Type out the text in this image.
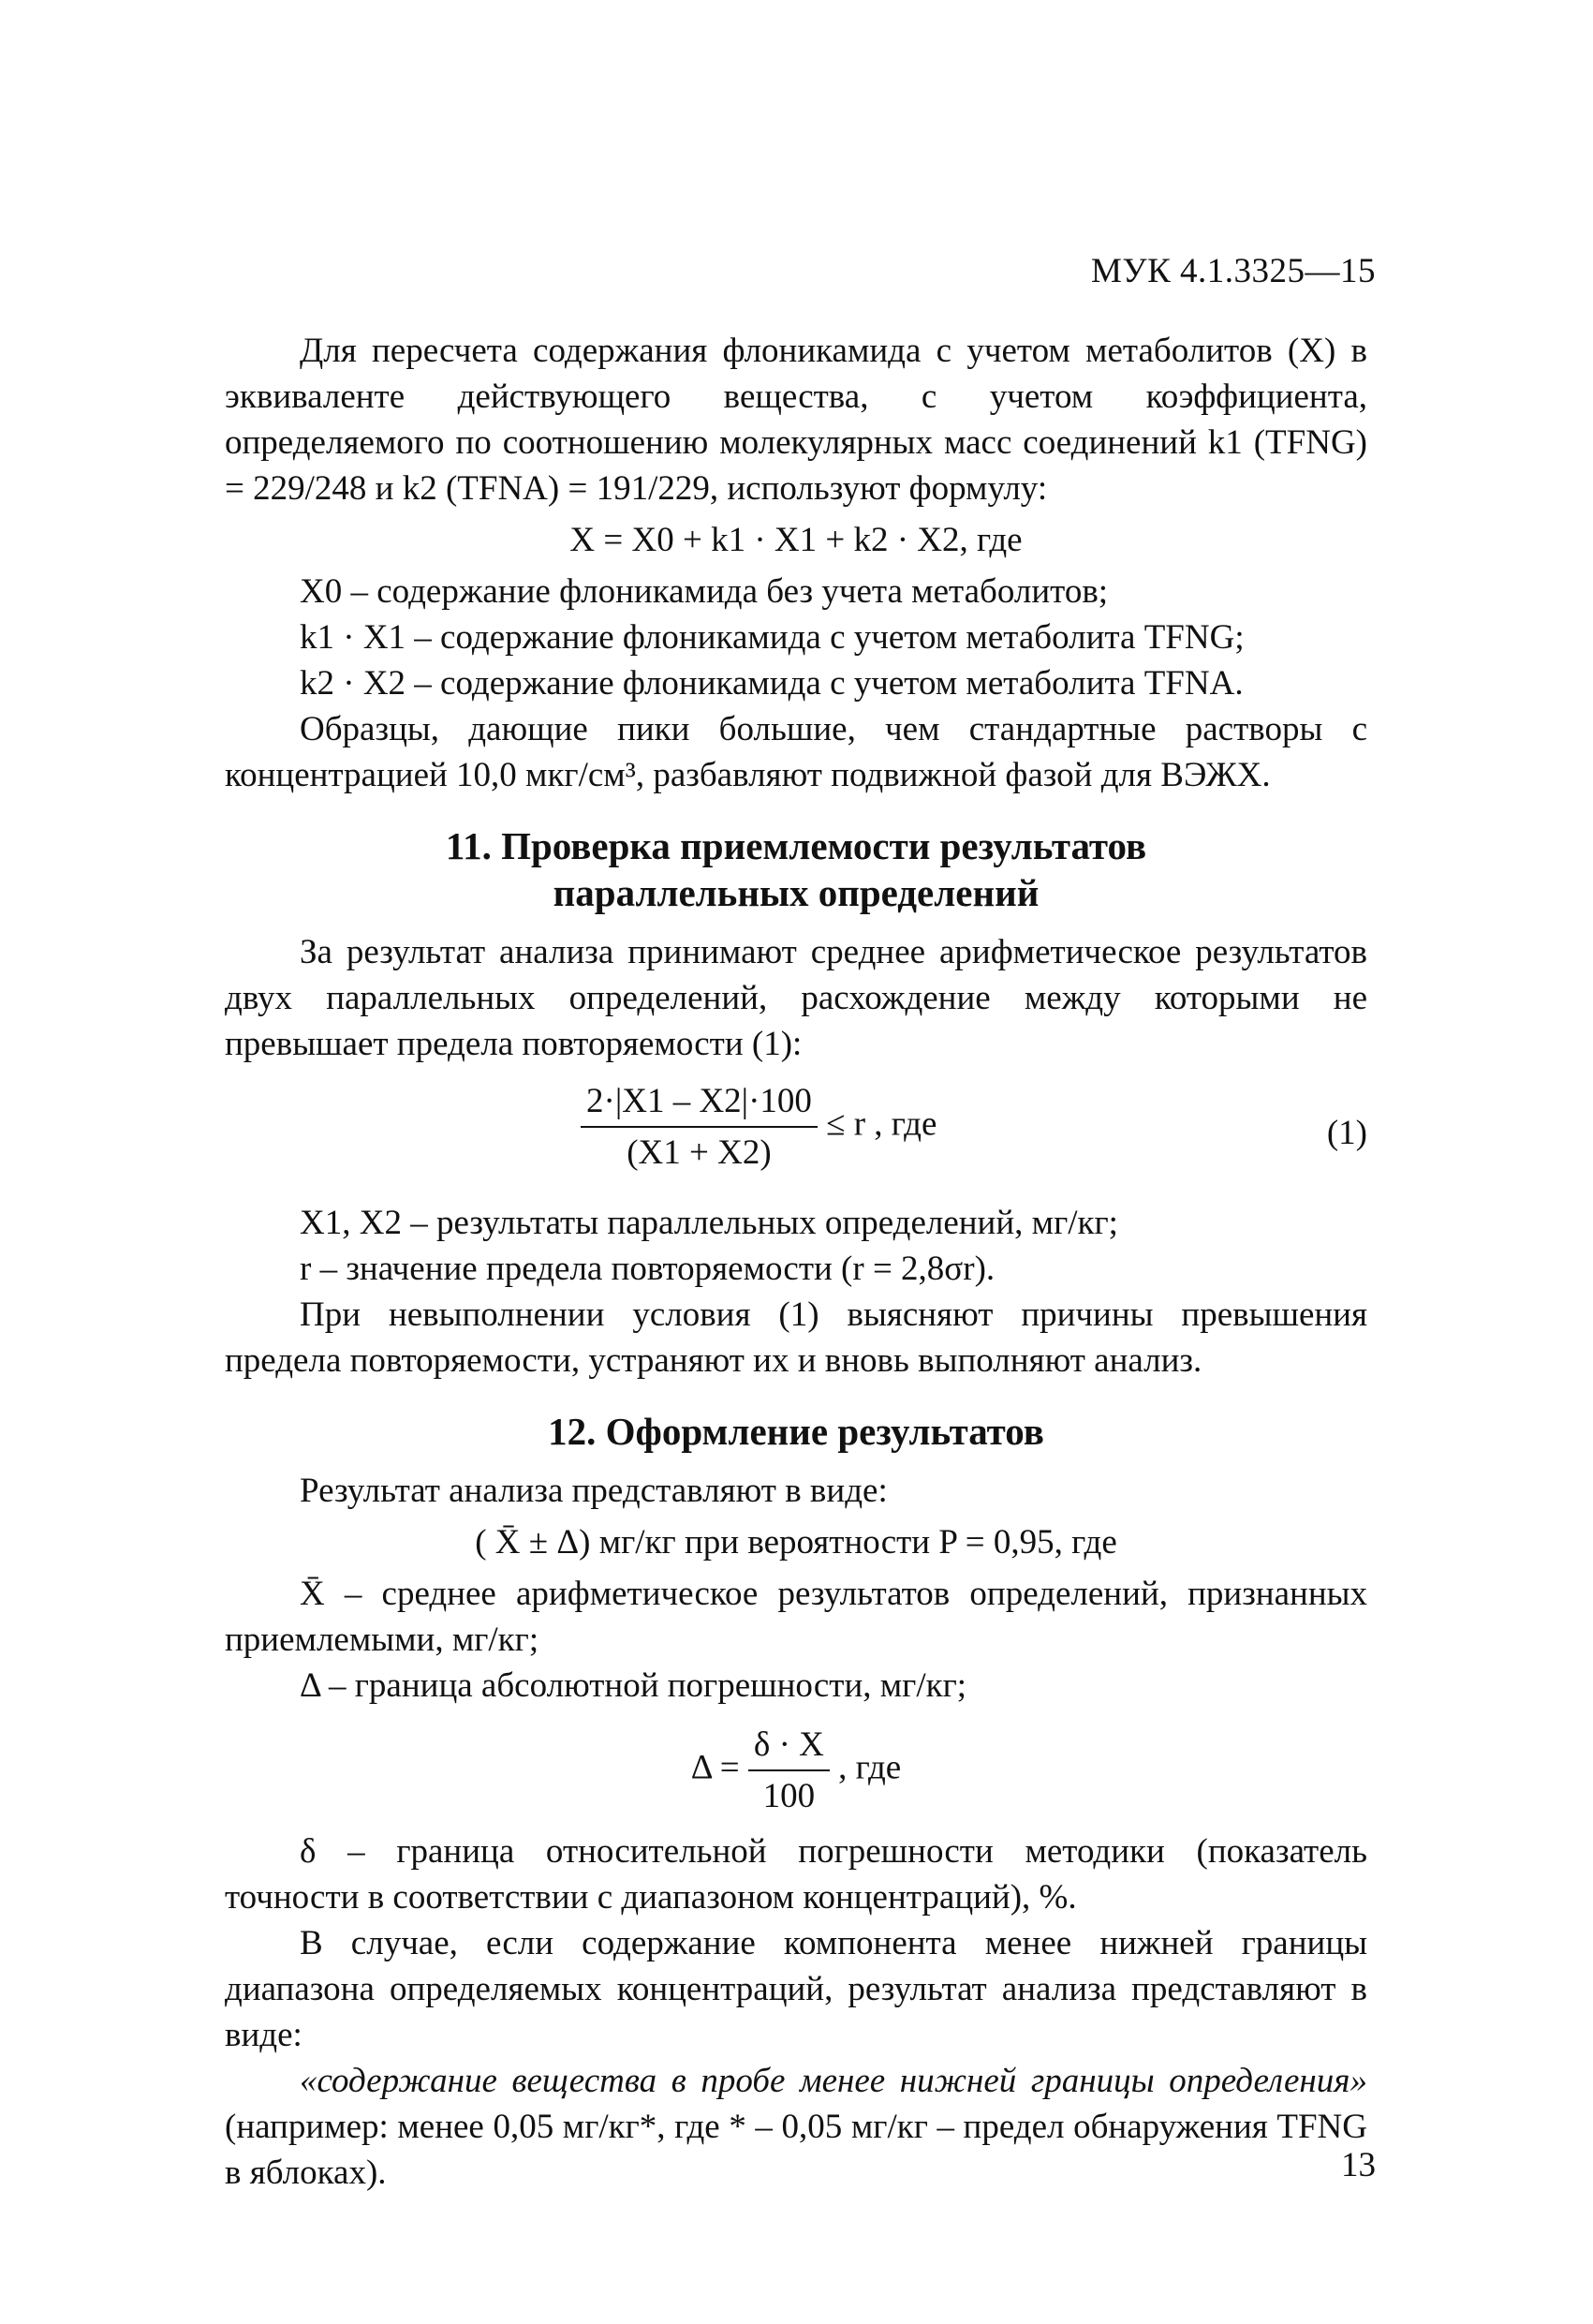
МУК 4.1.3325—15

Для пересчета содержания флоникамида с учетом метаболитов (X) в эквиваленте действующего вещества, с учетом коэффициента, определяемого по соотношению молекулярных масс соединений k1 (TFNG) = 229/248 и k2 (TFNA) = 191/229, используют формулу:

X = X0 + k1 · X1 + k2 · X2, где

X0 – содержание флоникамида без учета метаболитов;

k1 · X1 – содержание флоникамида с учетом метаболита TFNG;

k2 · X2 – содержание флоникамида с учетом метаболита TFNA.

Образцы, дающие пики большие, чем стандартные растворы с концентрацией 10,0 мкг/см³, разбавляют подвижной фазой для ВЭЖХ.

11. Проверка приемлемости результатов
параллельных определений

За результат анализа принимают среднее арифметическое результатов двух параллельных определений, расхождение между которыми не превышает предела повторяемости (1):

$\frac{2\cdot|X1 - X2|\cdot 100}{(X1 + X2)} \le r$ , где	(1)

X1, X2 – результаты параллельных определений, мг/кг;

r – значение предела повторяемости (r = 2,8σr).

При невыполнении условия (1) выясняют причины превышения предела повторяемости, устраняют их и вновь выполняют анализ.

12. Оформление результатов

Результат анализа представляют в виде:

( X̄ ± Δ) мг/кг при вероятности P = 0,95, где

X̄ – среднее арифметическое результатов определений, признанных приемлемыми, мг/кг;

Δ – граница абсолютной погрешности, мг/кг;

$\Delta = \frac{\delta \cdot X}{100}$ , где

δ – граница относительной погрешности методики (показатель точности в соответствии с диапазоном концентраций), %.

В случае, если содержание компонента менее нижней границы диапазона определяемых концентраций, результат анализа представляют в виде:

«содержание вещества в пробе менее нижней границы определения» (например: менее 0,05 мг/кг*, где * – 0,05 мг/кг – предел обнаружения TFNG в яблоках).	13
